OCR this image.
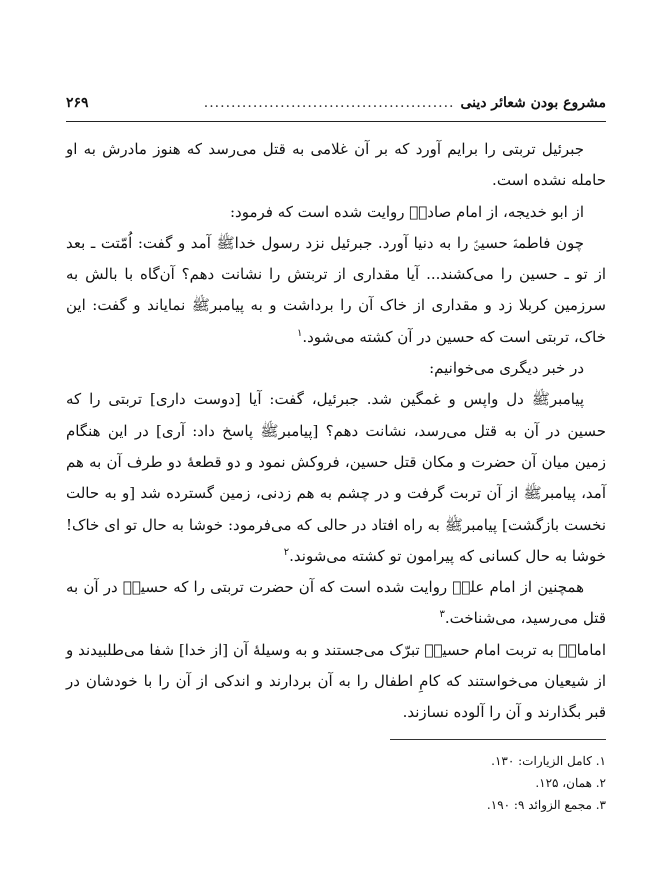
مشروع بودن شعائر دینی
..............................................
۲۶۹

جبرئیل تربتی را برایم آورد که بر آن غلامی به قتل می‌رسد که هنوز مادرش به او حامله نشده است.

از ابو خدیجه، از امام صادقؑ روایت شده است که فرمود:

چون فاطمهؑ حسینؑ را به دنیا آورد. جبرئیل نزد رسول خداﷺ آمد و گفت: اُمّتت ـ بعد از تو ـ حسین را می‌کشند... آیا مقداری از تربتش را نشانت دهم؟ آن‌گاه با بالش به سرزمین کربلا زد و مقداری از خاک آن را برداشت و به پیامبرﷺ نمایاند و گفت: این خاک، تربتی است که حسین در آن کشته می‌شود.$^۱$

در خبر دیگری می‌خوانیم:

پیامبرﷺ دل واپس و غمگین شد. جبرئیل، گفت: آیا [دوست داری] تربتی را که حسین در آن به قتل می‌رسد، نشانت دهم؟ [پیامبرﷺ پاسخ داد: آری] در این هنگام زمین میان آن حضرت و مکان قتل حسین، فروکش نمود و دو قطعهٔ دو طرف آن به هم آمد، پیامبرﷺ از آن تربت گرفت و در چشم به هم زدنی، زمین گسترده شد [و به حالت نخست بازگشت] پیامبرﷺ به راه افتاد در حالی که می‌فرمود: خوشا به حال تو ای خاک! خوشا به حال کسانی که پیرامون تو کشته می‌شوند.$^۲$

همچنین از امام علیؑ روایت شده است که آن حضرت تربتی را که حسینؑ در آن به قتل می‌رسید، می‌شناخت.$^۳$

امامانؑ به تربت امام حسینؑ تبرّک می‌جستند و به وسیلهٔ آن [از خدا] شفا می‌طلبیدند و از شیعیان می‌خواستند که کامِ اطفال را به آن بردارند و اندکی از آن را با خودشان در قبر بگذارند و آن را آلوده نسازند.

۱. کامل الزیارات: ۱۳۰.
۲. همان، ۱۲۵.
۳. مجمع الزوائد ۹: ۱۹۰.
